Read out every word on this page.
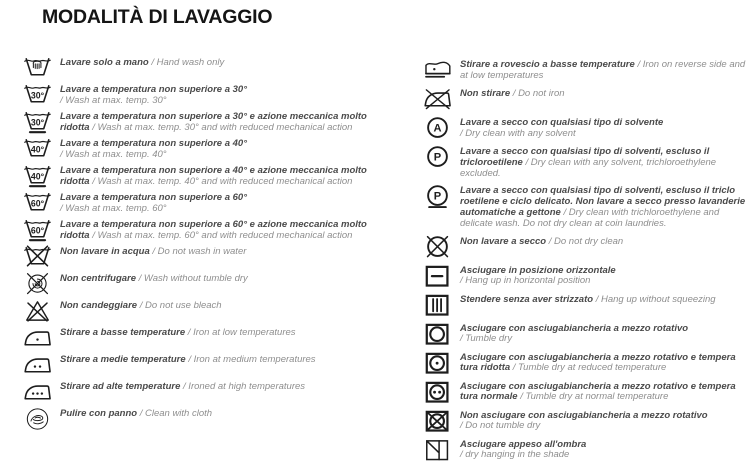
MODALITÀ DI LAVAGGIO

Lavare solo a mano / Hand wash only

30°

Lavare a temperatura non superiore a 30°
/ Wash at max. temp. 30°

30°

Lavare a temperatura non superiore a 30° e azione meccanica molto ridotta / Wash at max. temp. 30° and with reduced mechanical action

40°

Lavare a temperatura non superiore a 40°
/ Wash at max. temp. 40°

40°

Lavare a temperatura non superiore a 40° e azione meccanica molto ridotta / Wash at max. temp. 40° and with reduced mechanical action

60°

Lavare a temperatura non superiore a 60°
/ Wash at max. temp. 60°

60°

Lavare a temperatura non superiore a 60° e azione meccanica molto ridotta / Wash at max. temp. 60° and with reduced mechanical action

Non lavare in acqua / Do not wash in water

Non centrifugare / Wash without tumble dry

Non candeggiare / Do not use bleach

Stirare a basse temperature / Iron at low temperatures

Stirare a medie temperature / Iron at medium temperatures

Stirare ad alte temperature / Ironed at high temperatures

Pulire con panno / Clean with cloth

Stirare a rovescio a basse temperature / Iron on reverse side and at low temperatures

Non stirare / Do not iron

A Lavare a secco con qualsiasi tipo di solvente
/ Dry clean with any solvent

P Lavare a secco con qualsiasi tipo di solventi, escluso il tricloroetilene / Dry clean with any solvent, trichloroethylene excluded.

P Lavare a secco con qualsiasi tipo di solventi, escluso il triclo roetilene e ciclo delicato. Non lavare a secco presso lavanderie automatiche a gettone / Dry clean with trichloroethylene and delicate wash. Do not dry clean at coin laundries.

Non lavare a secco / Do not dry clean

Asciugare in posizione orizzontale
/ Hang up in horizontal position

Stendere senza aver strizzato / Hang up without squeezing

Asciugare con asciugabiancheria a mezzo rotativo
/ Tumble dry

Asciugare con asciugabiancheria a mezzo rotativo e tempera tura ridotta / Tumble dry at reduced temperature

Asciugare con asciugabiancheria a mezzo rotativo e tempera tura normale / Tumble dry at normal temperature

Non asciugare con asciugabiancheria a mezzo rotativo
/ Do not tumble dry

Asciugare appeso all'ombra
/ dry hanging in the shade
